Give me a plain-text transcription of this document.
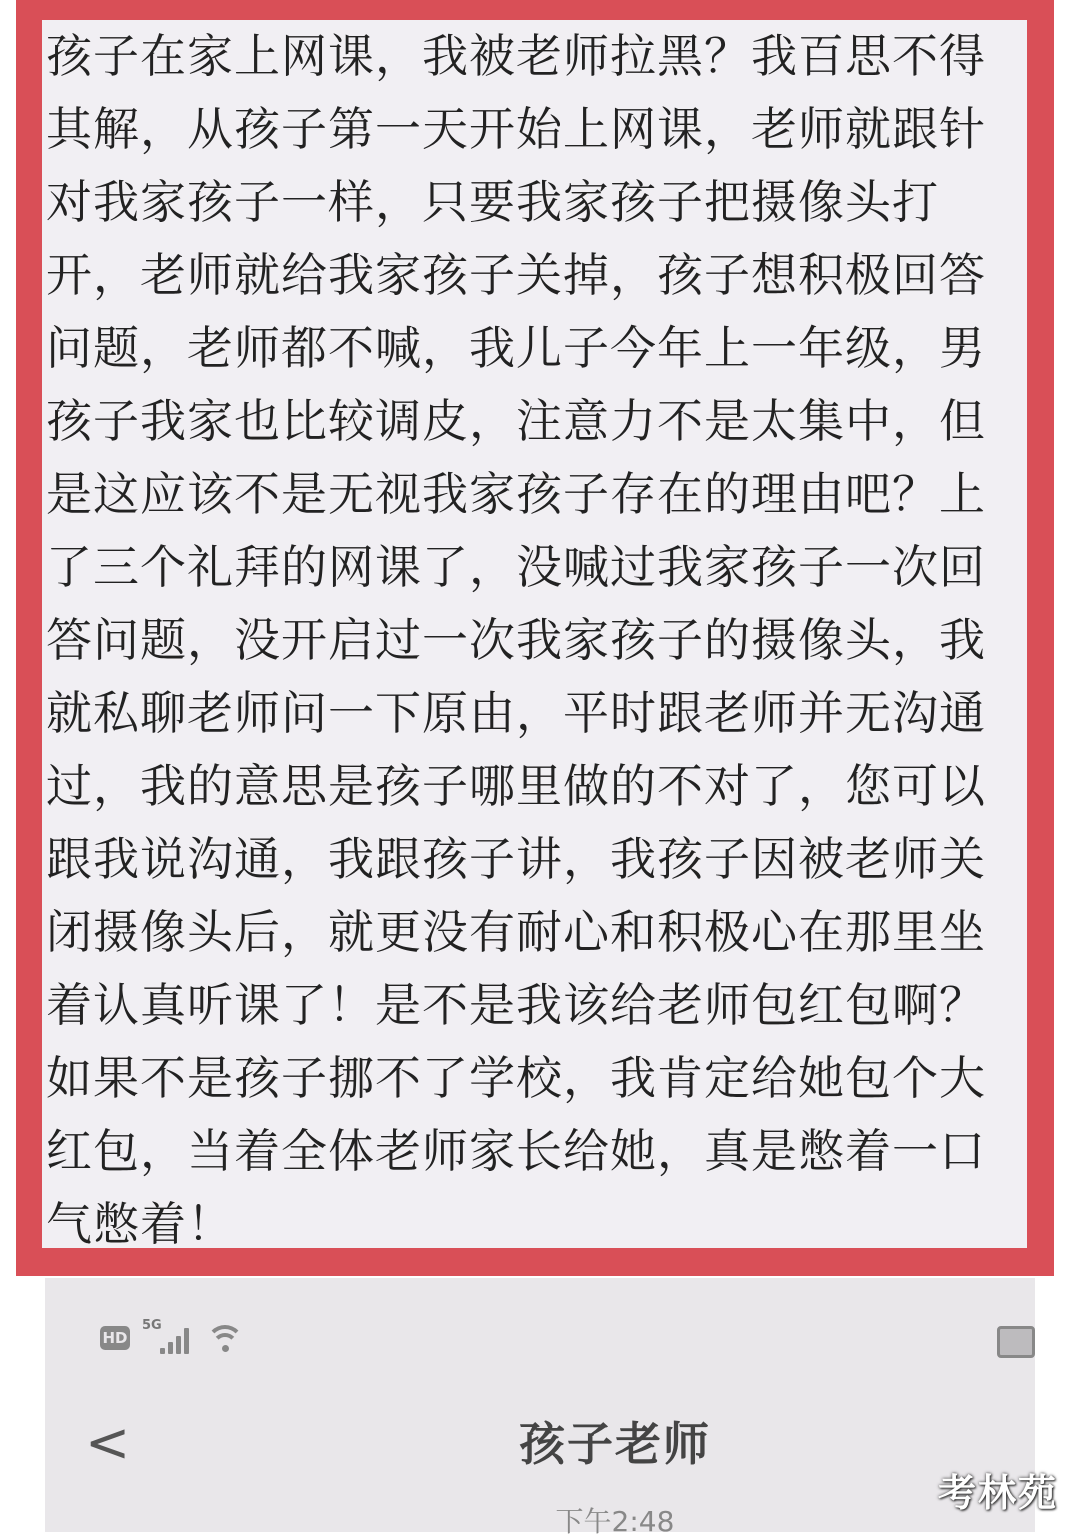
孩子在家上网课，我被老师拉黑？我百思不得
其解，从孩子第一天开始上网课，老师就跟针
对我家孩子一样，只要我家孩子把摄像头打
开，老师就给我家孩子关掉，孩子想积极回答
问题，老师都不喊，我儿子今年上一年级，男
孩子我家也比较调皮，注意力不是太集中，但
是这应该不是无视我家孩子存在的理由吧？上
了三个礼拜的网课了，没喊过我家孩子一次回
答问题，没开启过一次我家孩子的摄像头，我
就私聊老师问一下原由，平时跟老师并无沟通
过，我的意思是孩子哪里做的不对了，您可以
跟我说沟通，我跟孩子讲，我孩子因被老师关
闭摄像头后，就更没有耐心和积极心在那里坐
着认真听课了！是不是我该给老师包红包啊？
如果不是孩子挪不了学校，我肯定给她包个大
红包，当着全体老师家长给她，真是憋着一口
气憋着！
HD
5G
<	孩子老师
下午2:48
考林苑
